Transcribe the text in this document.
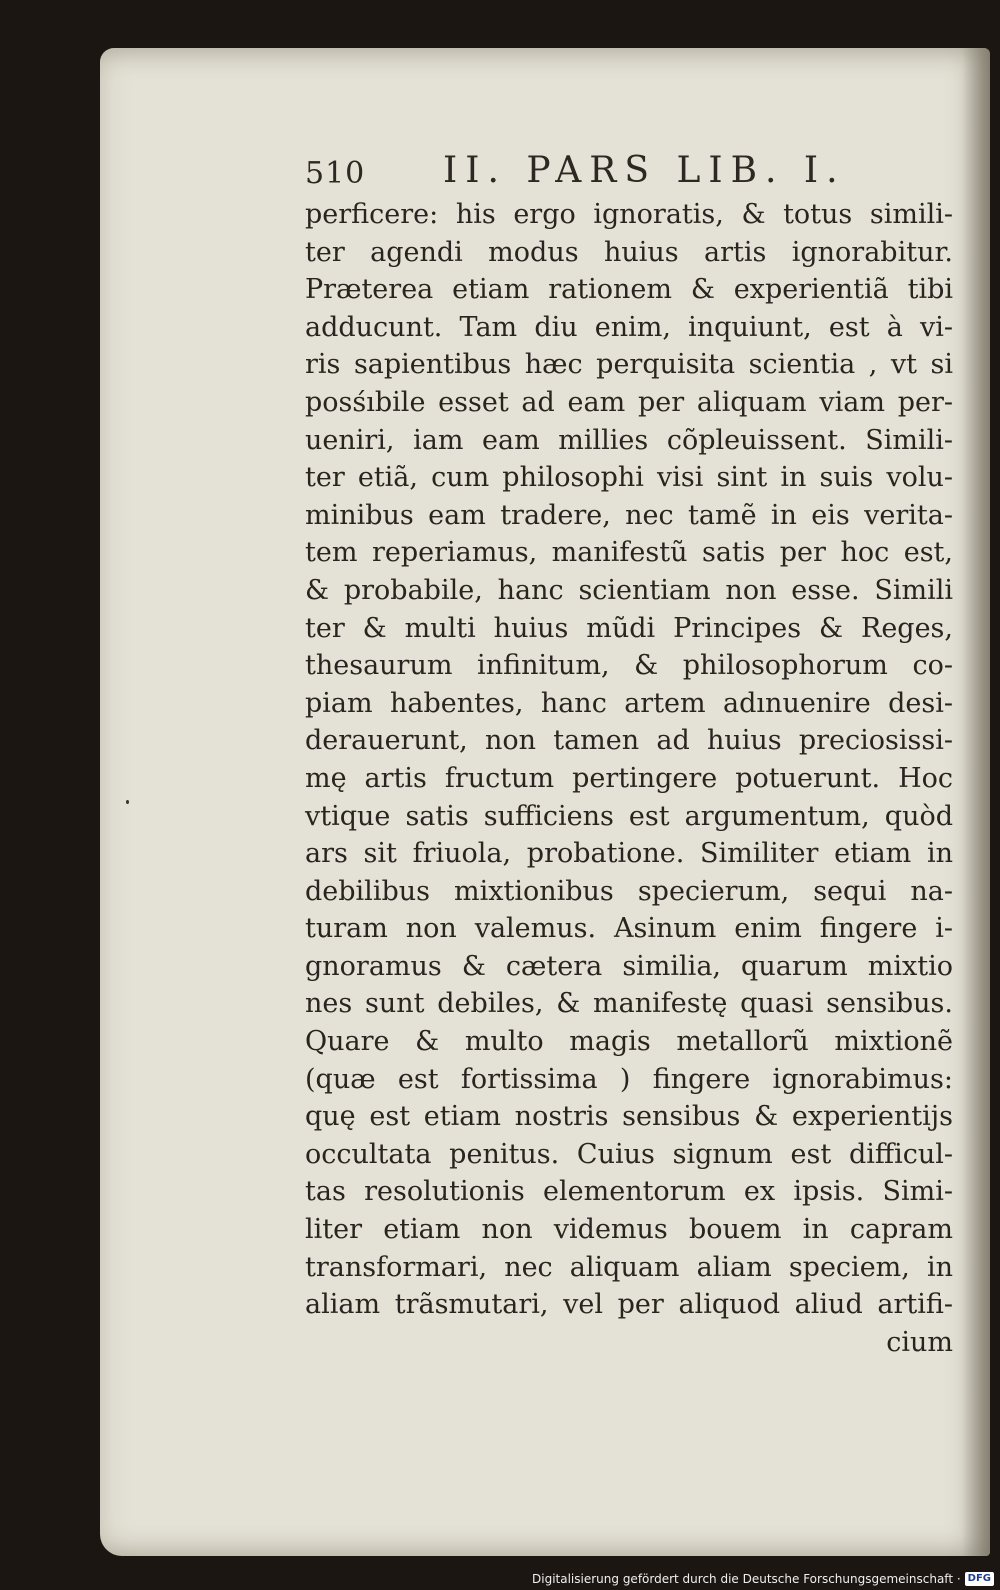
510 II. PARS LIB. I.
perficere: his ergo ignoratis, & totus simili-
ter agendi modus huius artis ignorabitur.
Præterea etiam rationem & experientiã tibi
adducunt. Tam diu enim, inquiunt, est à vi-
ris sapientibus hæc perquisita scientia , vt si
posśıbile esset ad eam per aliquam viam per-
ueniri, iam eam millies cõpleuissent. Simili-
ter etiã, cum philosophi visi sint in suis volu-
minibus eam tradere, nec tamẽ in eis verita-
tem reperiamus, manifestũ satis per hoc est,
& probabile, hanc scientiam non esse. Simili
ter & multi huius mũdi Principes & Reges,
thesaurum infinitum, & philosophorum co-
piam habentes, hanc artem adınuenire desi-
derauerunt, non tamen ad huius preciosissi-
mę artis fructum pertingere potuerunt. Hoc
vtique satis sufficiens est argumentum, quòd
ars sit friuola, probatione. Similiter etiam in
debilibus mixtionibus specierum, sequi na-
turam non valemus. Asinum enim fingere i-
gnoramus & cætera similia, quarum mixtio
nes sunt debiles, & manifestę quasi sensibus.
Quare & multo magis metallorũ mixtionẽ
(quæ est fortissima ) fingere ignorabimus:
quę est etiam nostris sensibus & experientijs
occultata penitus. Cuius signum est difficul-
tas resolutionis elementorum ex ipsis. Simi-
liter etiam non videmus bouem in capram
transformari, nec aliquam aliam speciem, in
aliam trãsmutari, vel per aliquod aliud artifi-
cium
Digitalisierung gefördert durch die Deutsche Forschungsgemeinschaft · DFG
